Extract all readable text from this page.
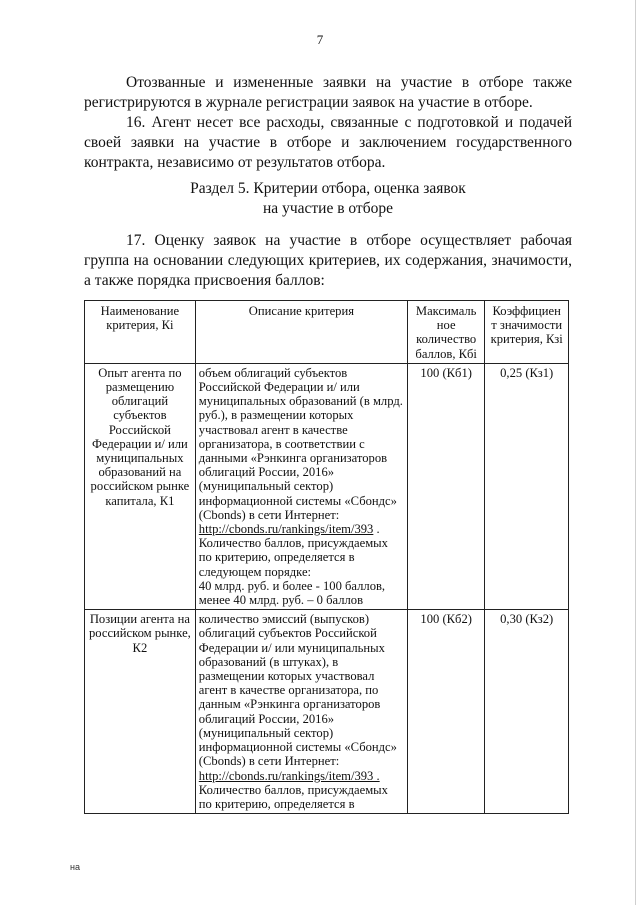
7

Отозванные и измененные заявки на участие в отборе также регистрируются в журнале регистрации заявок на участие в отборе.

16. Агент несет все расходы, связанные с подготовкой и подачей своей заявки на участие в отборе и заключением государственного контракта, независимо от результатов отбора.

Раздел 5. Критерии отбора, оценка заявок
на участие в отборе

17. Оценку заявок на участие в отборе осуществляет рабочая группа на основании следующих критериев, их содержания, значимости, а также порядка присвоения баллов:

Наименование критерия, Кі	Описание критерия	Максималь ное количество баллов, Кбі	Коэффициен т значимости критерия, Кзі
Опыт агента по размещению облигаций субъектов Российской Федерации и/ или муниципальных образований на российском рынке капитала, К1	объем облигаций субъектов Российской Федерации и/ или муниципальных образований (в млрд. руб.), в размещении которых участвовал агент в качестве организатора, в соответствии с данными «Рэнкинга организаторов облигаций России, 2016» (муниципальный сектор) информационной системы «Сбондс» (Cbonds) в сети Интернет: http://cbonds.ru/rankings/item/393 . Количество баллов, присуждаемых по критерию, определяется в следующем порядке:
40 млрд. руб. и более - 100 баллов,
менее 40 млрд. руб. – 0 баллов	100 (Кб1)	0,25 (Кз1)
Позиции агента на российском рынке, К2	количество эмиссий (выпусков) облигаций субъектов Российской Федерации и/ или муниципальных образований (в штуках), в размещении которых участвовал агент в качестве организатора, по данным «Рэнкинга организаторов облигаций России, 2016» (муниципальный сектор) информационной системы «Сбондс» (Cbonds) в сети Интернет: http://cbonds.ru/rankings/item/393 . Количество баллов, присуждаемых по критерию, определяется в	100 (Кб2)	0,30 (Кз2)
на
